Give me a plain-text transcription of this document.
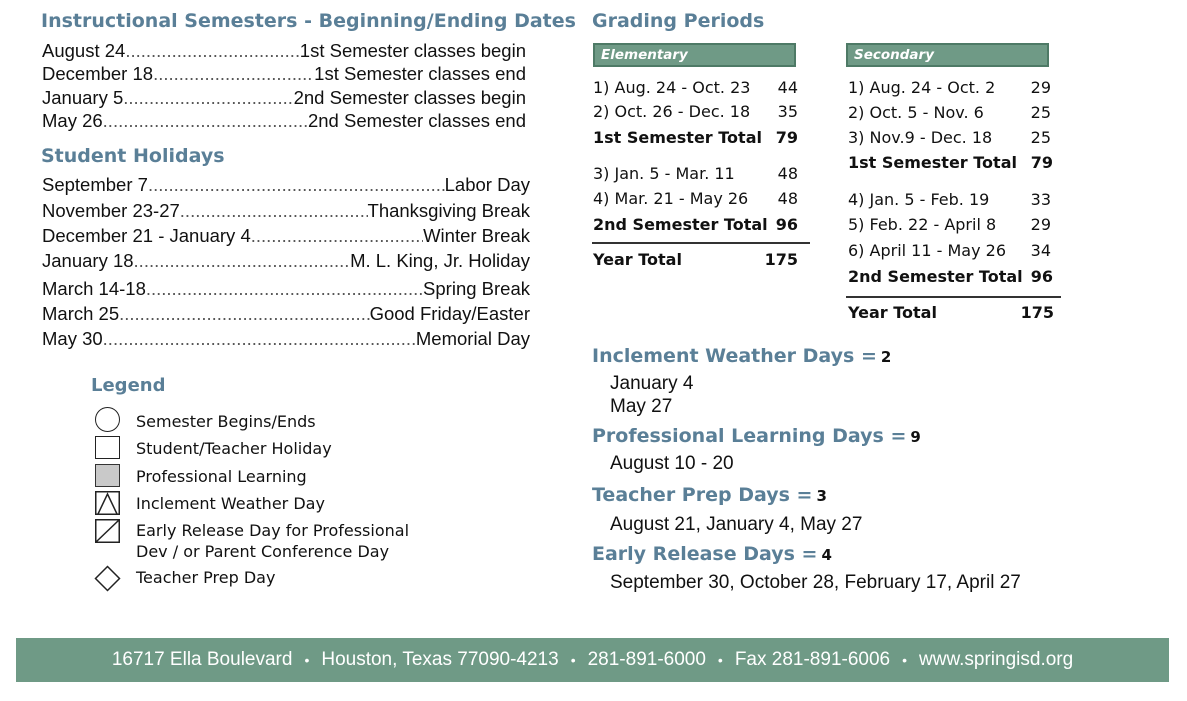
Instructional Semesters - Beginning/Ending Dates
August 24 .....	1st Semester classes begin
December 18 .....	1st Semester classes end
January 5 .....	2nd Semester classes begin
May 26 .....	2nd Semester classes end
Student Holidays
September 7 .....	Labor Day
November 23-27 .....	Thanksgiving Break
December 21 - January 4 .....	Winter Break
January 18 .....	M. L. King, Jr. Holiday
March 14-18 .....	Spring Break
March 25 .....	Good Friday/Easter
May 30 .....	Memorial Day
Legend
Semester Begins/Ends
Student/Teacher Holiday
Professional Learning
Inclement Weather Day
Early Release Day for Professional
Dev / or Parent Conference Day
Teacher Prep Day
Grading Periods
Elementary
1) Aug. 24 - Oct. 23 44
2) Oct. 26 - Dec. 18 35
1st Semester Total 79
3) Jan. 5 - Mar. 11	48
4) Mar. 21 - May 26 48
2nd Semester Total 96
Year Total	175
Secondary
1) Aug. 24 - Oct. 2 29
2) Oct. 5 - Nov. 6	25
3) Nov.9 - Dec. 18 25
1st Semester Total 79
4) Jan. 5 - Feb. 19	33
5) Feb. 22 - April 8 29
6) April 11 - May 26 34
2nd Semester Total 96
Year Total	175
Inclement Weather Days = 2
January 4
May 27
Professional Learning Days = 9
August 10 - 20
Teacher Prep Days = 3
August 21, January 4, May 27
Early Release Days = 4
September 30, October 28, February 17, April 27
16717 Ella Boulevard • Houston, Texas 77090-4213 • 281-891-6000 • Fax 281-891-6006 • www.springisd.org
